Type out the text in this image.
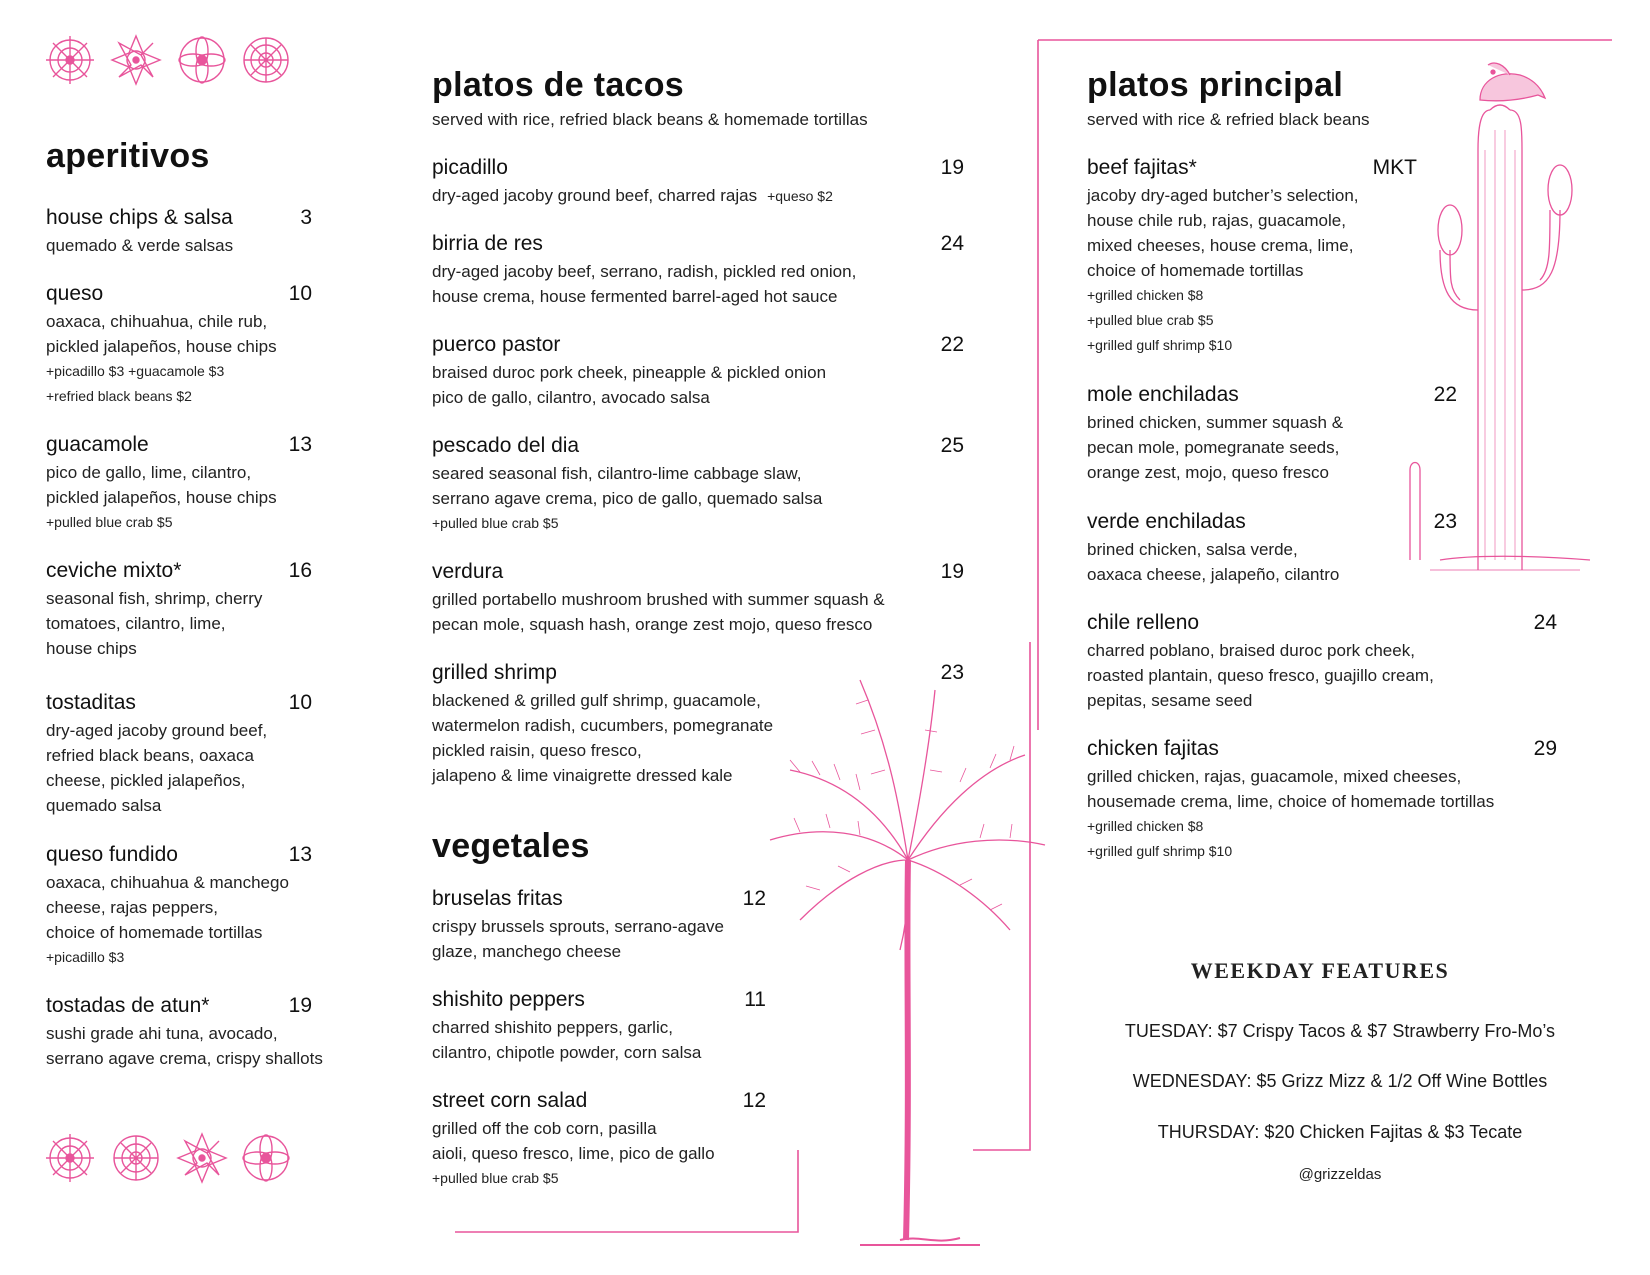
aperitivos
house chips & salsa	3
quemado & verde salsas
queso	10
oaxaca, chihuahua, chile rub,
pickled jalapeños, house chips
+picadillo $3 +guacamole $3
+refried black beans $2
guacamole	13
pico de gallo, lime, cilantro,
pickled jalapeños, house chips
+pulled blue crab $5
ceviche mixto*	16
seasonal fish, shrimp, cherry
tomatoes, cilantro, lime,
house chips
tostaditas	10
dry-aged jacoby ground beef,
refried black beans, oaxaca
cheese, pickled jalapeños,
quemado salsa
queso fundido	13
oaxaca, chihuahua & manchego
cheese, rajas peppers,
choice of homemade tortillas
+picadillo $3
tostadas de atun*	19
sushi grade ahi tuna, avocado,
serrano agave crema, crispy shallots
platos de tacos
served with rice, refried black beans & homemade tortillas
picadillo	19
dry-aged jacoby ground beef, charred rajas +queso $2
birria de res	24
dry-aged jacoby beef, serrano, radish, pickled red onion,
house crema, house fermented barrel-aged hot sauce
puerco pastor	22
braised duroc pork cheek, pineapple & pickled onion
pico de gallo, cilantro, avocado salsa
pescado del dia	25
seared seasonal fish, cilantro-lime cabbage slaw,
serrano agave crema, pico de gallo, quemado salsa
+pulled blue crab $5
verdura	19
grilled portabello mushroom brushed with summer squash &
pecan mole, squash hash, orange zest mojo, queso fresco
grilled shrimp	23
blackened & grilled gulf shrimp, guacamole,
watermelon radish, cucumbers, pomegranate
pickled raisin, queso fresco,
jalapeno & lime vinaigrette dressed kale
vegetales
bruselas fritas	12
crispy brussels sprouts, serrano-agave
glaze, manchego cheese
shishito peppers	11
charred shishito peppers, garlic,
cilantro, chipotle powder, corn salsa
street corn salad	12
grilled off the cob corn, pasilla
aioli, queso fresco, lime, pico de gallo
+pulled blue crab $5
platos principal
served with rice & refried black beans
beef fajitas*	MKT
jacoby dry-aged butcher’s selection,
house chile rub, rajas, guacamole,
mixed cheeses, house crema, lime,
choice of homemade tortillas
+grilled chicken $8
+pulled blue crab $5
+grilled gulf shrimp $10
mole enchiladas	22
brined chicken, summer squash &
pecan mole, pomegranate seeds,
orange zest, mojo, queso fresco
verde enchiladas	23
brined chicken, salsa verde,
oaxaca cheese, jalapeño, cilantro
chile relleno	24
charred poblano, braised duroc pork cheek,
roasted plantain, queso fresco, guajillo cream,
pepitas, sesame seed
chicken fajitas	29
grilled chicken, rajas, guacamole, mixed cheeses,
housemade crema, lime, choice of homemade tortillas
+grilled chicken $8
+grilled gulf shrimp $10
WEEKDAY FEATURES
TUESDAY: $7 Crispy Tacos & $7 Strawberry Fro-Mo’s
WEDNESDAY: $5 Grizz Mizz & 1/2 Off Wine Bottles
THURSDAY: $20 Chicken Fajitas & $3 Tecate
@grizzeldas
